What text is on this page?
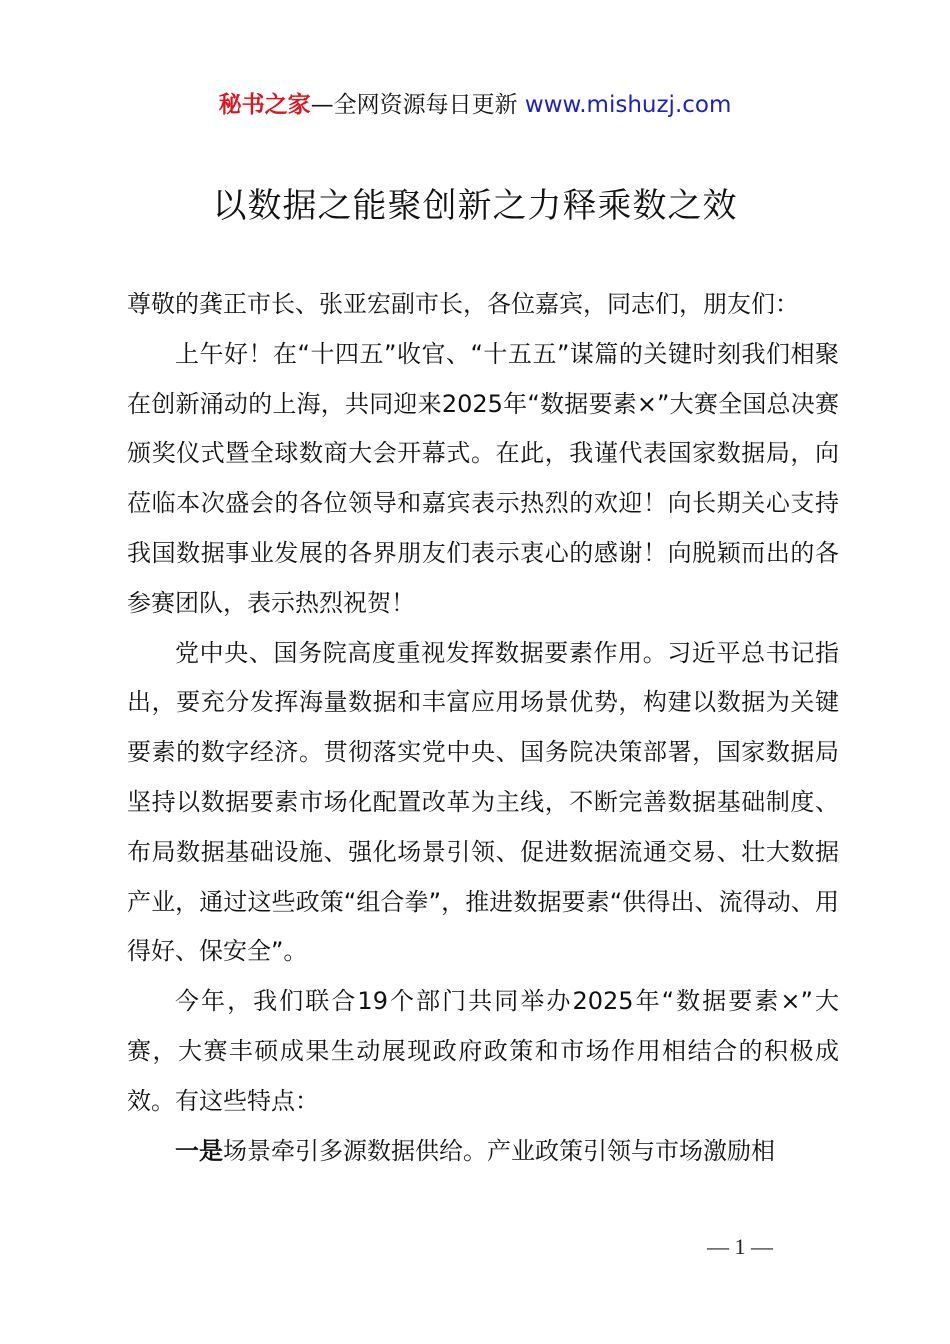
秘书之家—全网资源每日更新 www.mishuzj.com
以数据之能聚创新之力释乘数之效

尊敬的龚正市长、张亚宏副市长，各位嘉宾，同志们，朋友们：

上午好！在“十四五”收官、“十五五”谋篇的关键时刻我们相聚在创新涌动的上海，共同迎来2025年“数据要素×”大赛全国总决赛颁奖仪式暨全球数商大会开幕式。在此，我谨代表国家数据局，向莅临本次盛会的各位领导和嘉宾表示热烈的欢迎！向长期关心支持我国数据事业发展的各界朋友们表示衷心的感谢！向脱颖而出的各参赛团队，表示热烈祝贺！

党中央、国务院高度重视发挥数据要素作用。习近平总书记指出，要充分发挥海量数据和丰富应用场景优势，构建以数据为关键要素的数字经济。贯彻落实党中央、国务院决策部署，国家数据局坚持以数据要素市场化配置改革为主线，不断完善数据基础制度、布局数据基础设施、强化场景引领、促进数据流通交易、壮大数据产业，通过这些政策“组合拳”，推进数据要素“供得出、流得动、用得好、保安全”。

今年，我们联合19个部门共同举办2025年“数据要素×”大赛，大赛丰硕成果生动展现政府政策和市场作用相结合的积极成效。有这些特点：

一是场景牵引多源数据供给。产业政策引领与市场激励相

— 1 —
